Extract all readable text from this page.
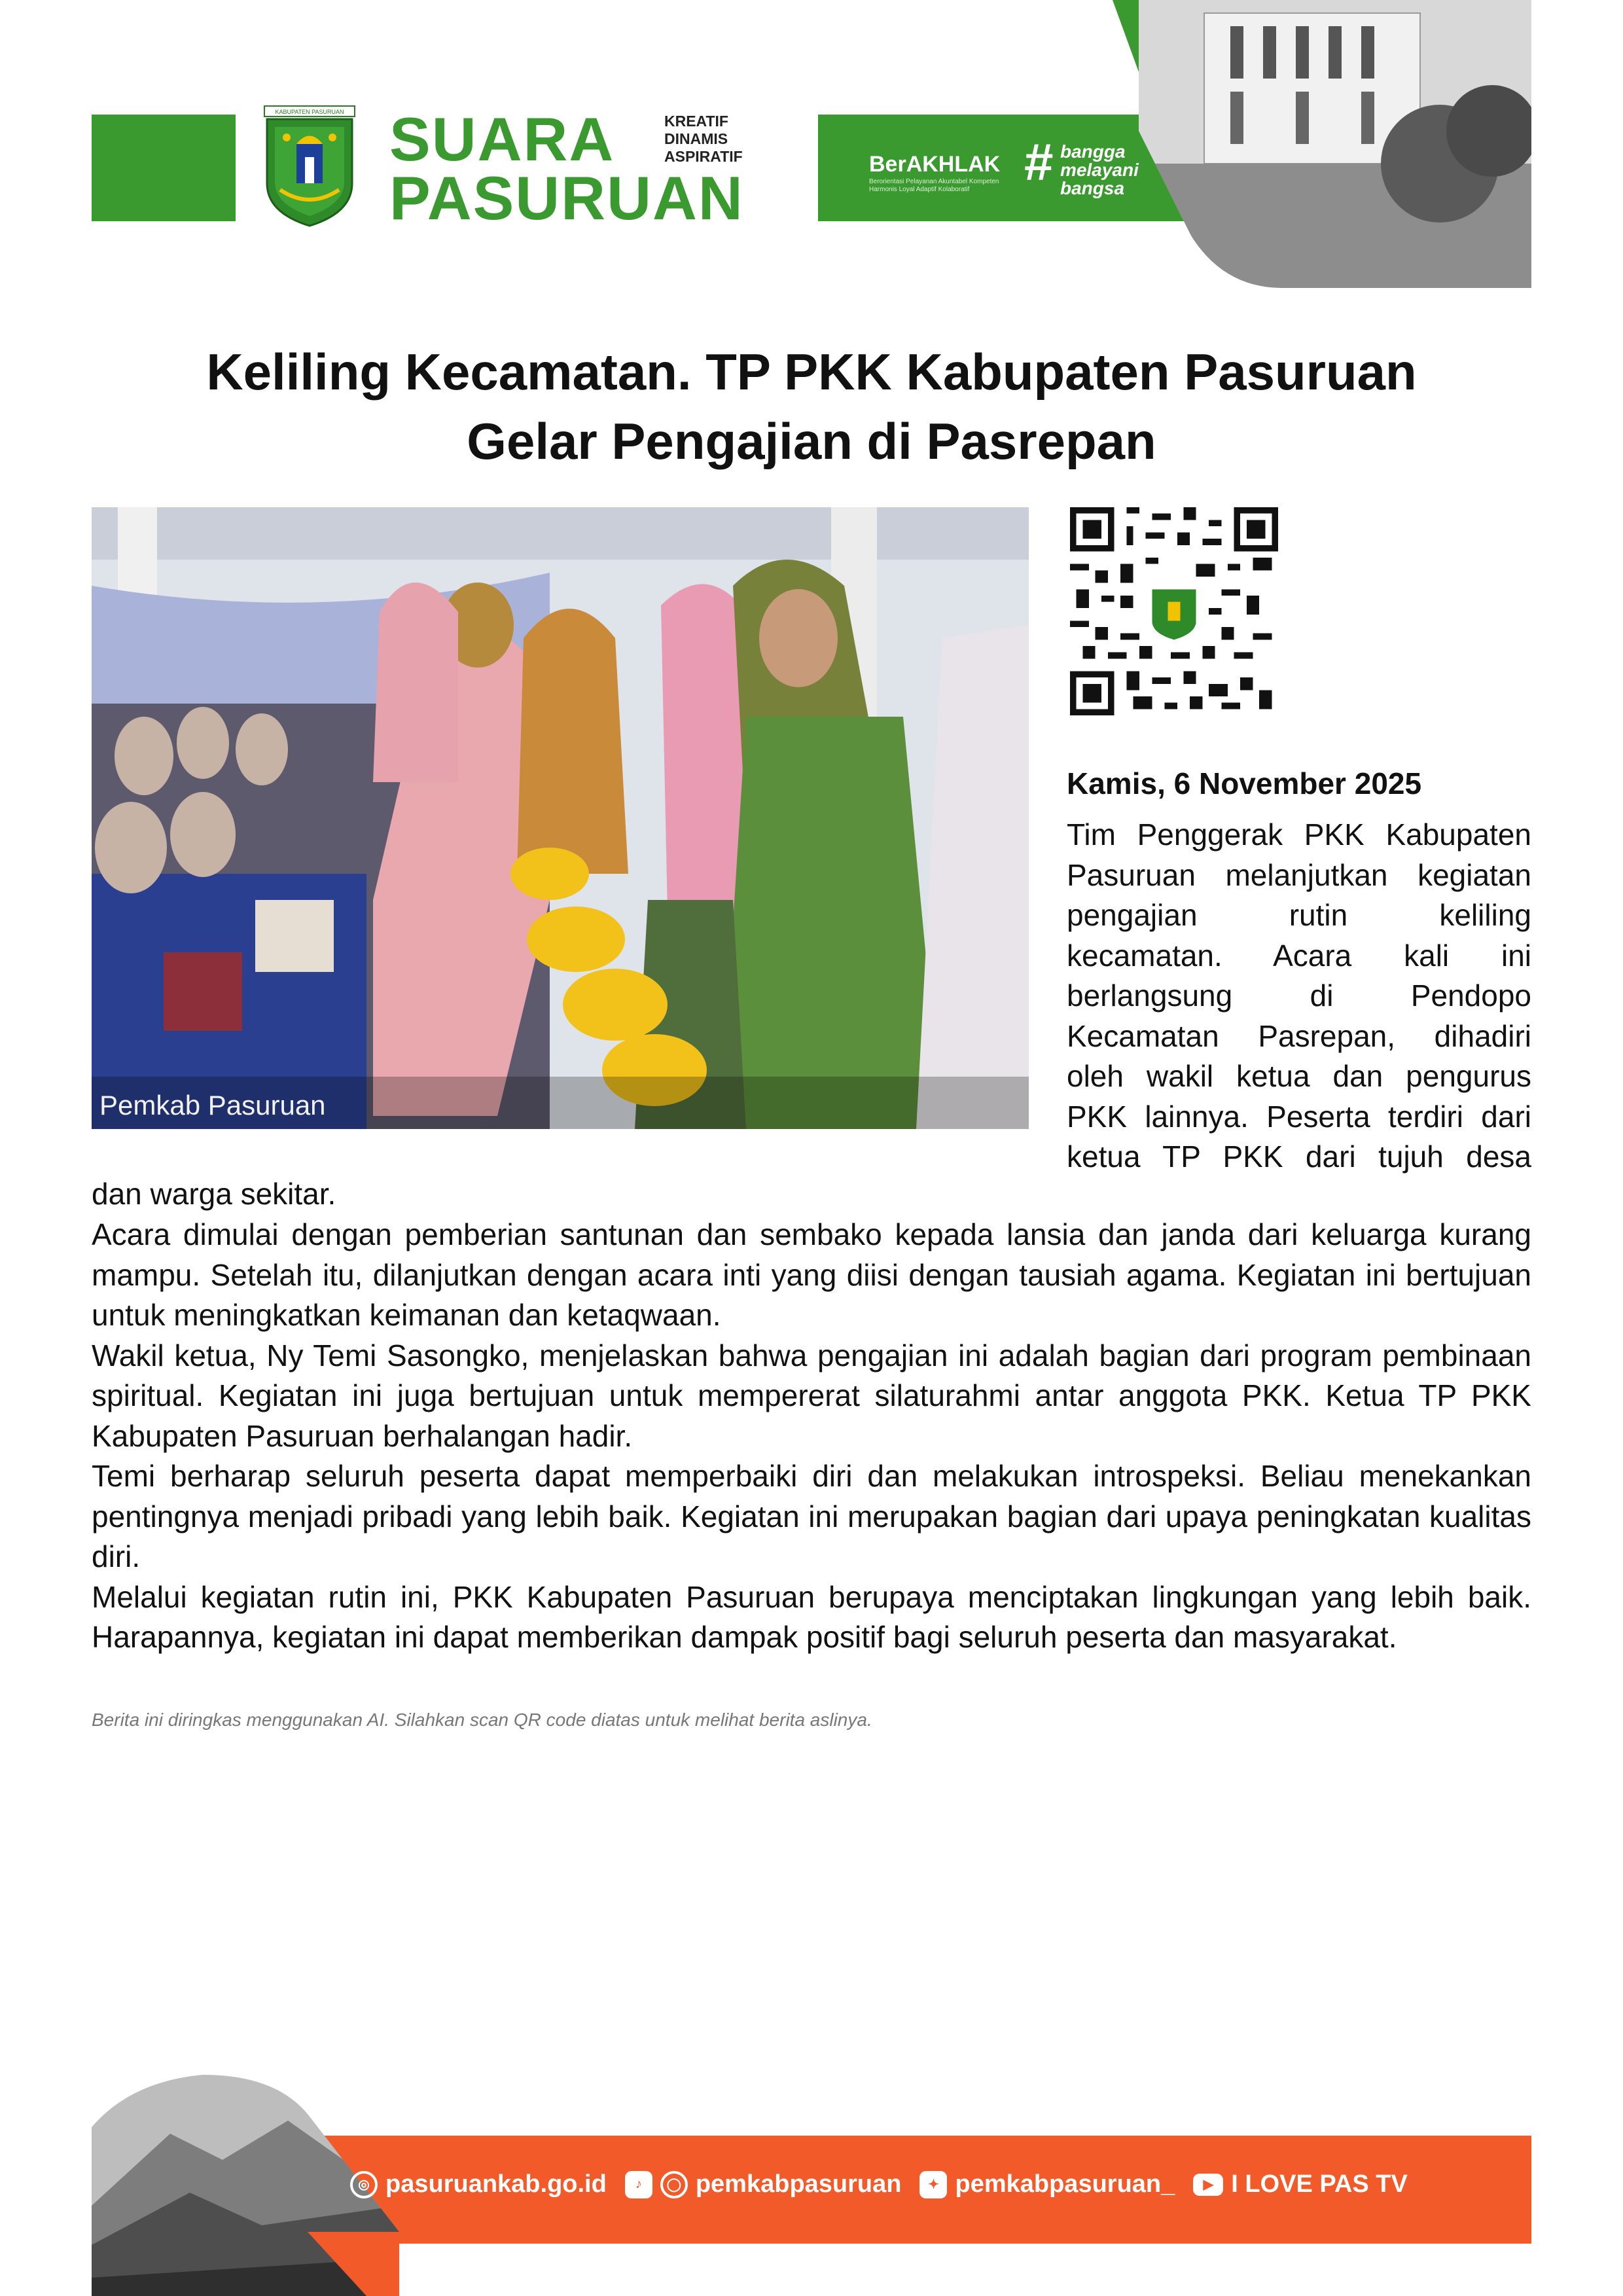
KABUPATEN PASURUAN SUARA
PASURUAN
KREATIF
DINAMIS
ASPIRATIF	BerAKHLAK
Berorientasi Pelayanan Akuntabel Kompeten Harmonis Loyal Adaptif Kolaboratif	# bangga
melayani
bangsa
Keliling Kecamatan. TP PKK Kabupaten Pasuruan
Gelar Pengajian di Pasrepan
Pemkab Pasuruan
Kamis, 6 November 2025
Tim Penggerak PKK Kabupaten
Pasuruan melanjutkan kegiatan
pengajian rutin keliling
kecamatan. Acara kali ini
berlangsung di Pendopo
Kecamatan Pasrepan, dihadiri
oleh wakil ketua dan pengurus
PKK lainnya. Peserta terdiri dari
ketua TP PKK dari tujuh desa
dan warga sekitar.

Acara dimulai dengan pemberian santunan dan sembako kepada lansia dan janda dari keluarga kurang mampu. Setelah itu, dilanjutkan dengan acara inti yang diisi dengan tausiah agama. Kegiatan ini bertujuan untuk meningkatkan keimanan dan ketaqwaan.

Wakil ketua, Ny Temi Sasongko, menjelaskan bahwa pengajian ini adalah bagian dari program pembinaan spiritual. Kegiatan ini juga bertujuan untuk mempererat silaturahmi antar anggota PKK. Ketua TP PKK Kabupaten Pasuruan berhalangan hadir.

Temi berharap seluruh peserta dapat memperbaiki diri dan melakukan introspeksi. Beliau menekankan pentingnya menjadi pribadi yang lebih baik. Kegiatan ini merupakan bagian dari upaya peningkatan kualitas diri.

Melalui kegiatan rutin ini, PKK Kabupaten Pasuruan berupaya menciptakan lingkungan yang lebih baik. Harapannya, kegiatan ini dapat memberikan dampak positif bagi seluruh peserta dan masyarakat.

Berita ini diringkas menggunakan AI. Silahkan scan QR code diatas untuk melihat berita aslinya.
◎ pasuruankab.go.id	♪	◯ pemkabpasuruan	✦ pemkabpasuruan_	▶ I LOVE PAS TV
